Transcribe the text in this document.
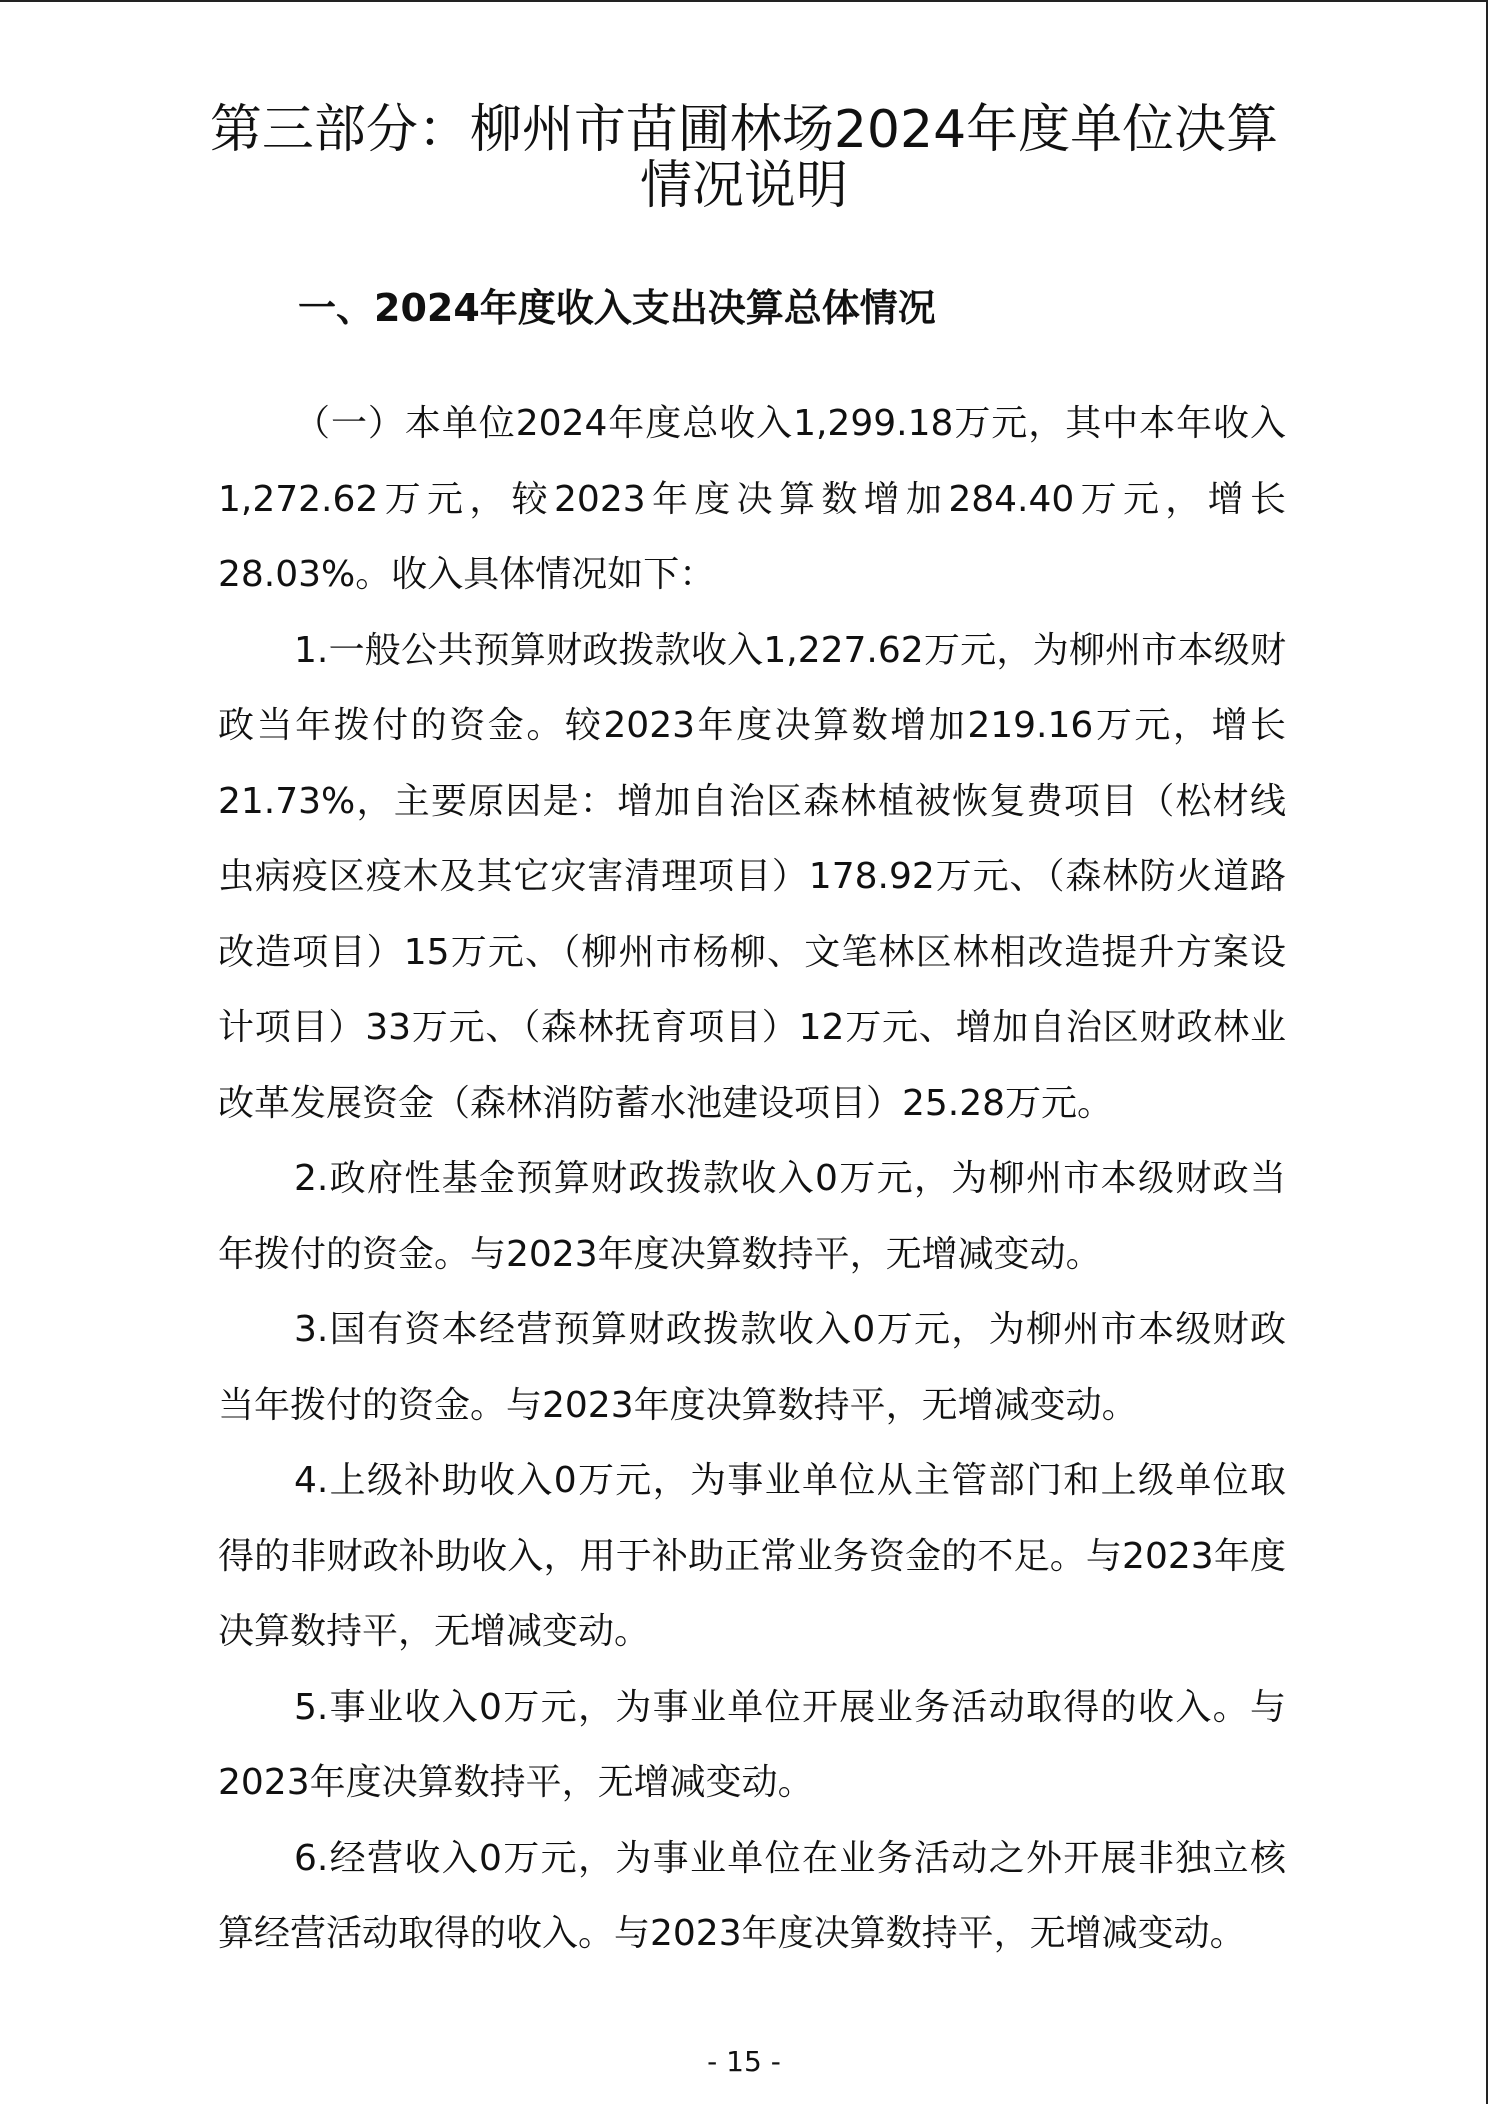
第三部分：柳州市苗圃林场2024年度单位决算情况说明
一、2024年度收入支出决算总体情况

（一）本单位2024年度总收入1,299.18万元，其中本年收入1,272.62万元，较2023年度决算数增加284.40万元，增长28.03%。收入具体情况如下：

1.一般公共预算财政拨款收入1,227.62万元，为柳州市本级财政当年拨付的资金。较2023年度决算数增加219.16万元，增长21.73%，主要原因是：增加自治区森林植被恢复费项目（松材线虫病疫区疫木及其它灾害清理项目）178.92万元、（森林防火道路改造项目）15万元、（柳州市杨柳、文笔林区林相改造提升方案设计项目）33万元、（森林抚育项目）12万元、增加自治区财政林业改革发展资金（森林消防蓄水池建设项目）25.28万元。

2.政府性基金预算财政拨款收入0万元，为柳州市本级财政当年拨付的资金。与2023年度决算数持平，无增减变动。

3.国有资本经营预算财政拨款收入0万元，为柳州市本级财政当年拨付的资金。与2023年度决算数持平，无增减变动。

4.上级补助收入0万元，为事业单位从主管部门和上级单位取得的非财政补助收入，用于补助正常业务资金的不足。与2023年度决算数持平，无增减变动。

5.事业收入0万元，为事业单位开展业务活动取得的收入。与2023年度决算数持平，无增减变动。

6.经营收入0万元，为事业单位在业务活动之外开展非独立核算经营活动取得的收入。与2023年度决算数持平，无增减变动。

- 15 -
